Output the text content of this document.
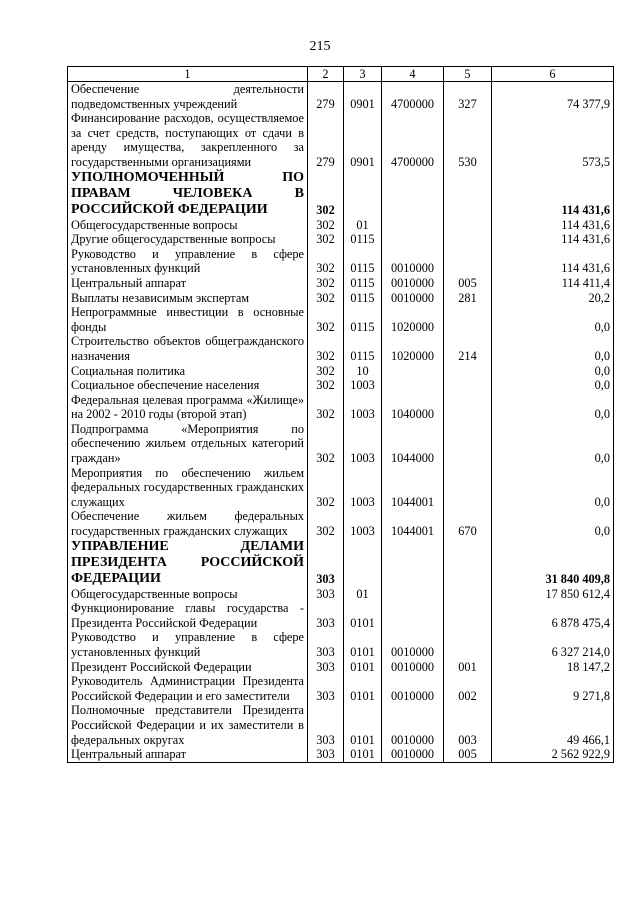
215
1	2	3	4	5	6
Обеспечение деятельности подведомственных учреждений	279	0901	4700000	327	74 377,9
Финансирование расходов, осуществляемое за счет средств, поступающих от сдачи в аренду имущества, закрепленного за государственными организациями	279	0901	4700000	530	573,5
УПОЛНОМОЧЕННЫЙ ПО ПРАВАМ ЧЕЛОВЕКА В РОССИЙСКОЙ ФЕДЕРАЦИИ	302				114 431,6
Общегосударственные вопросы	302	01			114 431,6
Другие общегосударственные вопросы	302	0115			114 431,6
Руководство и управление в сфере установленных функций	302	0115	0010000		114 431,6
Центральный аппарат	302	0115	0010000	005	114 411,4
Выплаты независимым экспертам	302	0115	0010000	281	20,2
Непрограммные инвестиции в основные фонды	302	0115	1020000		0,0
Строительство объектов общегражданского назначения	302	0115	1020000	214	0,0
Социальная политика	302	10			0,0
Социальное обеспечение населения	302	1003			0,0
Федеральная целевая программа «Жилище» на 2002 - 2010 годы (второй этап)	302	1003	1040000		0,0
Подпрограмма «Мероприятия по обеспечению жильем отдельных категорий граждан»	302	1003	1044000		0,0
Мероприятия по обеспечению жильем федеральных государственных гражданских служащих	302	1003	1044001		0,0
Обеспечение жильем федеральных государственных гражданских служащих	302	1003	1044001	670	0,0
УПРАВЛЕНИЕ ДЕЛАМИ ПРЕЗИДЕНТА РОССИЙСКОЙ ФЕДЕРАЦИИ	303				31 840 409,8
Общегосударственные вопросы	303	01			17 850 612,4
Функционирование главы государства - Президента Российской Федерации	303	0101			6 878 475,4
Руководство и управление в сфере установленных функций	303	0101	0010000		6 327 214,0
Президент Российской Федерации	303	0101	0010000	001	18 147,2
Руководитель Администрации Президента Российской Федерации и его заместители	303	0101	0010000	002	9 271,8
Полномочные представители Президента Российской Федерации и их заместители в федеральных округах	303	0101	0010000	003	49 466,1
Центральный аппарат	303	0101	0010000	005	2 562 922,9
